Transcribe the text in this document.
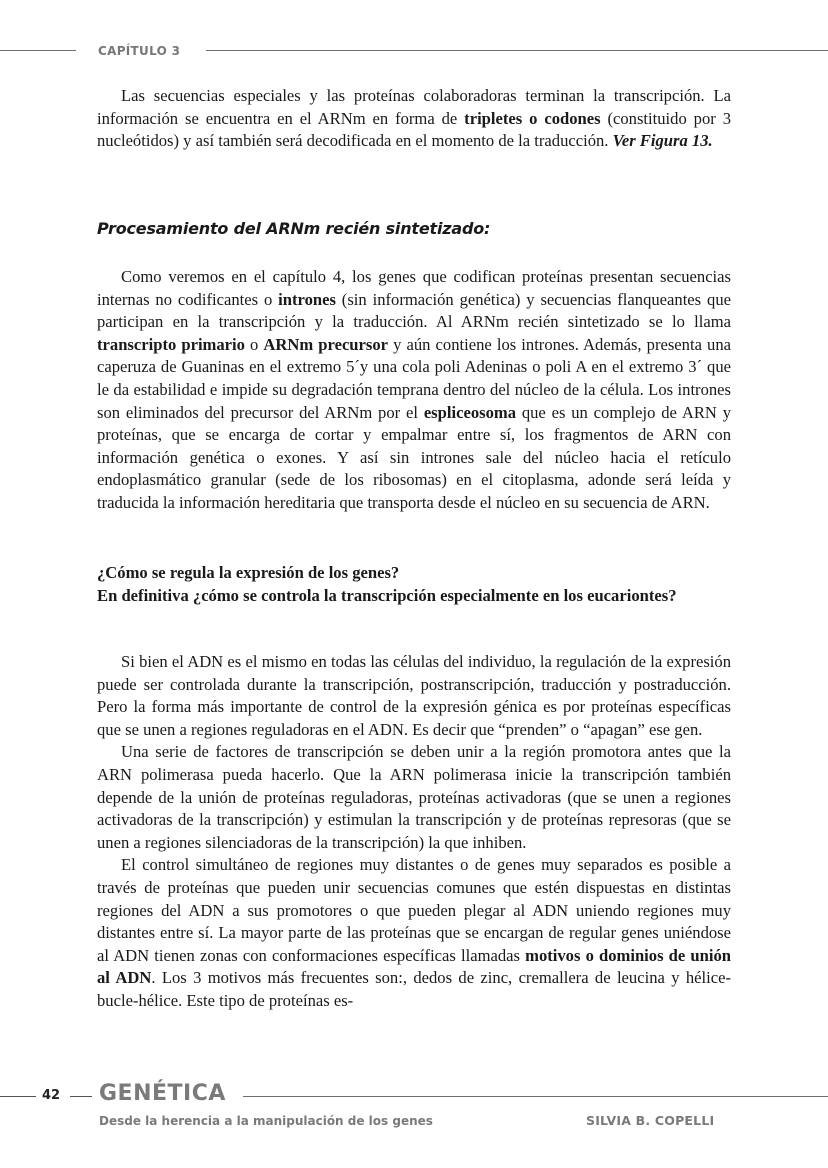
CAPÍTULO 3

Las secuencias especiales y las proteínas colaboradoras terminan la transcripción. La información se encuentra en el ARNm en forma de tripletes o codones (constituido por 3 nucleótidos) y así también será decodificada en el momento de la traducción. Ver Figura 13.

Procesamiento del ARNm recién sintetizado:

Como veremos en el capítulo 4, los genes que codifican proteínas presentan secuencias internas no codificantes o intrones (sin información genética) y secuencias flanqueantes que participan en la transcripción y la traducción. Al ARNm recién sintetizado se lo llama transcripto primario o ARNm precursor y aún contiene los intrones. Además, presenta una caperuza de Guaninas en el extremo 5´y una cola poli Adeninas o poli A en el extremo 3´ que le da estabilidad e impide su degradación temprana dentro del núcleo de la célula. Los intrones son eliminados del precursor del ARNm por el espliceosoma que es un complejo de ARN y proteínas, que se encarga de cortar y empalmar entre sí, los fragmentos de ARN con información genética o exones. Y así sin intrones sale del núcleo hacia el retículo endoplasmático granular (sede de los ribosomas) en el citoplasma, adonde será leída y traducida la información hereditaria que transporta desde el núcleo en su secuencia de ARN.

¿Cómo se regula la expresión de los genes?
En definitiva ¿cómo se controla la transcripción especialmente en los eucariontes?

Si bien el ADN es el mismo en todas las células del individuo, la regulación de la expresión puede ser controlada durante la transcripción, postranscripción, traducción y postraducción. Pero la forma más importante de control de la expresión génica es por proteínas específicas que se unen a regiones reguladoras en el ADN. Es decir que “prenden” o “apagan” ese gen.

Una serie de factores de transcripción se deben unir a la región promotora antes que la ARN polimerasa pueda hacerlo. Que la ARN polimerasa inicie la transcripción también depende de la unión de proteínas reguladoras, proteínas activadoras (que se unen a regiones activadoras de la transcripción) y estimulan la transcripción y de proteínas represoras (que se unen a regiones silenciadoras de la transcripción) la que inhiben.

El control simultáneo de regiones muy distantes o de genes muy separados es posible a través de proteínas que pueden unir secuencias comunes que estén dispuestas en distintas regiones del ADN a sus promotores o que pueden plegar al ADN uniendo regiones muy distantes entre sí. La mayor parte de las proteínas que se encargan de regular genes uniéndose al ADN tienen zonas con conformaciones específicas llamadas motivos o dominios de unión al ADN. Los 3 motivos más frecuentes son:, dedos de zinc, cremallera de leucina y hélice-bucle-hélice. Este tipo de proteínas es-

42 GENÉTICA
Desde la herencia a la manipulación de los genes	SILVIA B. COPELLI
